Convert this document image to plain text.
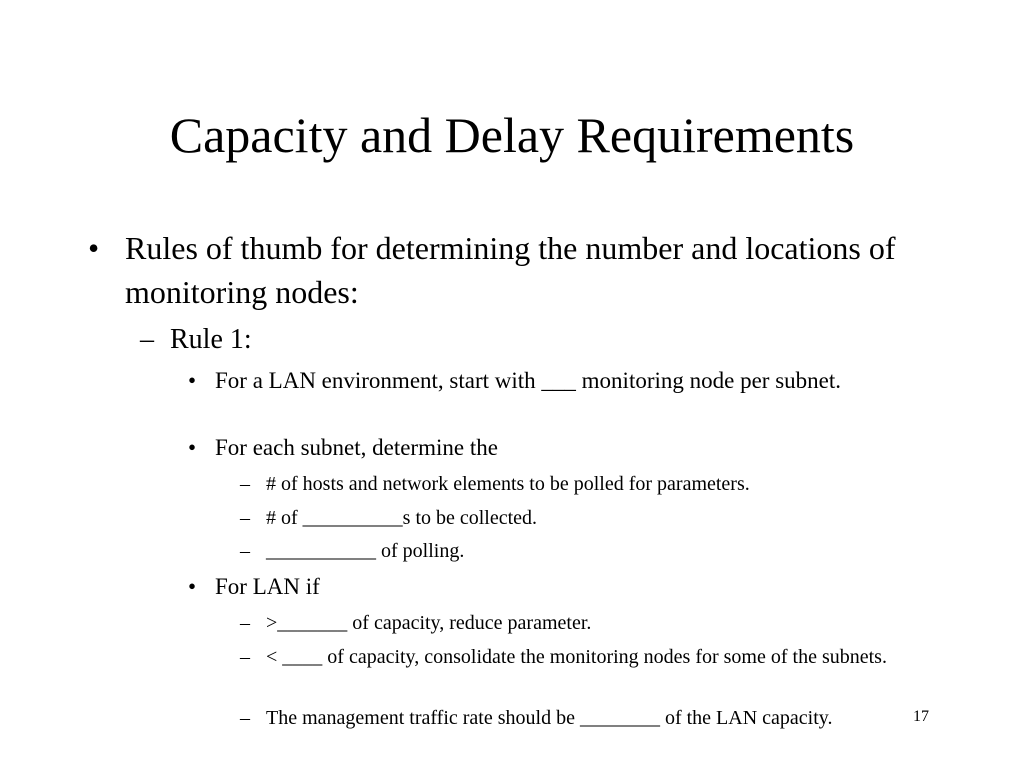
Capacity and Delay Requirements
• Rules of thumb for determining the number and locations of monitoring nodes:
– Rule 1:
• For a LAN environment, start with ___ monitoring node per subnet.
• For each subnet, determine the
– # of hosts and network elements to be polled for parameters.
– # of __________s to be collected.
– ___________ of polling.
• For LAN if
– >_______ of capacity, reduce parameter.
– < ____ of capacity, consolidate the monitoring nodes for some of the subnets.
– The management traffic rate should be ________ of the LAN capacity.	17
